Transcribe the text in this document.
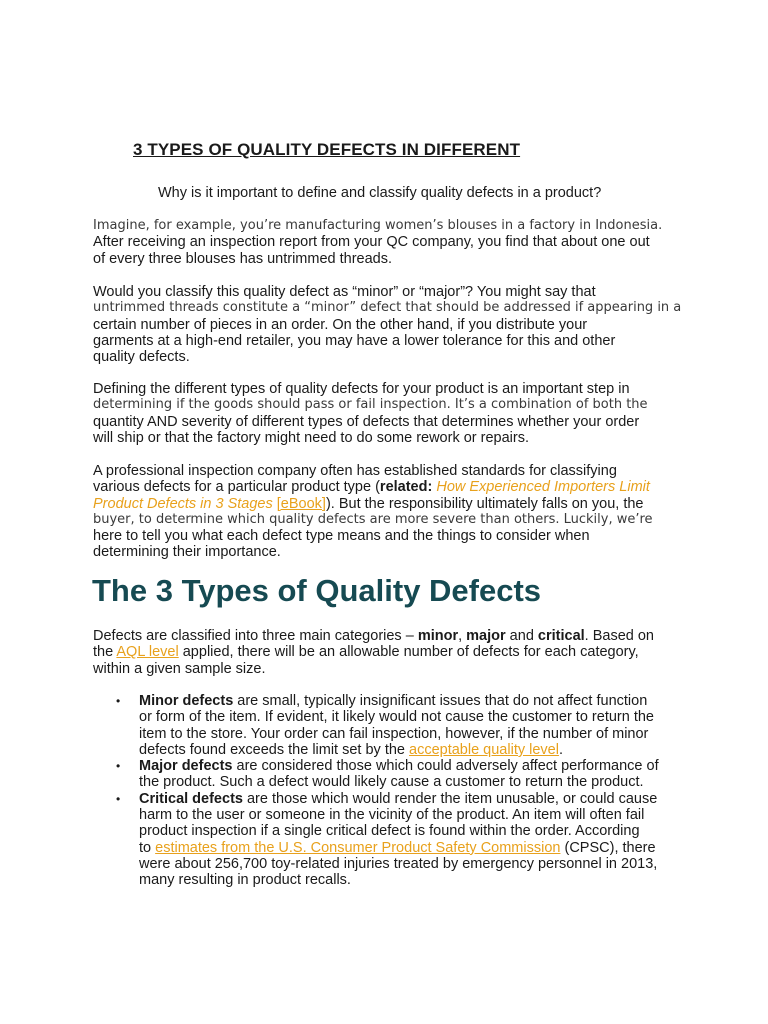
3 TYPES OF QUALITY DEFECTS IN DIFFERENT

Why is it important to define and classify quality defects in a product?

Imagine, for example, you’re manufacturing women’s blouses in a factory in Indonesia.
After receiving an inspection report from your QC company, you find that about one out
of every three blouses has untrimmed threads.

Would you classify this quality defect as “minor” or “major”? You might say that
untrimmed threads constitute a “minor” defect that should be addressed if appearing in a
certain number of pieces in an order. On the other hand, if you distribute your
garments at a high-end retailer, you may have a lower tolerance for this and other
quality defects.

Defining the different types of quality defects for your product is an important step in
determining if the goods should pass or fail inspection. It’s a combination of both the
quantity AND severity of different types of defects that determines whether your order
will ship or that the factory might need to do some rework or repairs.

A professional inspection company often has established standards for classifying
various defects for a particular product type (related: How Experienced Importers Limit
Product Defects in 3 Stages [eBook]). But the responsibility ultimately falls on you, the
buyer, to determine which quality defects are more severe than others. Luckily, we’re
here to tell you what each defect type means and the things to consider when
determining their importance.

The 3 Types of Quality Defects

Defects are classified into three main categories – minor, major and critical. Based on
the AQL level applied, there will be an allowable number of defects for each category,
within a given sample size.

• Minor defects are small, typically insignificant issues that do not affect function
or form of the item. If evident, it likely would not cause the customer to return the
item to the store. Your order can fail inspection, however, if the number of minor
defects found exceeds the limit set by the acceptable quality level.
• Major defects are considered those which could adversely affect performance of
the product. Such a defect would likely cause a customer to return the product.
• Critical defects are those which would render the item unusable, or could cause
harm to the user or someone in the vicinity of the product. An item will often fail
product inspection if a single critical defect is found within the order. According
to estimates from the U.S. Consumer Product Safety Commission (CPSC), there
were about 256,700 toy-related injuries treated by emergency personnel in 2013,
many resulting in product recalls.
